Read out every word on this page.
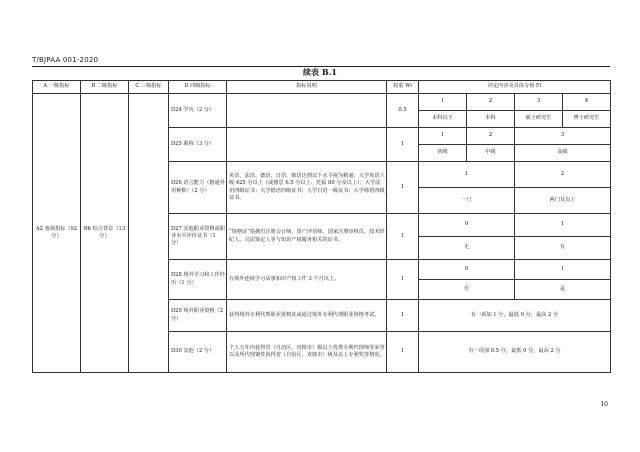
T/BJPAA 001-2020
续表 B.1
A 一级指标	B 二级指标	C 三级指标	D 四级指标	指标说明	权重 Wi	评定内容及具体分值 Fi			
A2 客观指标（92 分）	B6 综合背景（13 分）		D24 学历（2 分）		0.5	1	2	3	4
						本科以下	本科	硕士研究生	博士研究生
			D25 职称（3 分）		1	1	2	3	
						初级	中级	高级	
			D26 语言能力（精通外语种数）（2 分）	英语、法语、德语、日语、韩语达到以下水平视为精通：大学英语六级 425 分以上（或雅思 6.5 分以上、托福 80 分及以上）；大学法语四级证书；大学德语四级证书；大学日语一级证书；大学韩语四级证书。	1	1		2	
						一门		两门及以上	
			D27 其他职业资格或职业水平评价证书（1 分）	“资格证”指拥有注册会计师、资产评估师、国家注册审核员、技术经纪人、司法鉴定人等与知识产权服务相关的证书。	1	0		1	
						无		有	
			D28 境外学习和工作经历（1 分）	在境外连续学习从事知识产权工作 3 个月以上。	1	0		1	
						否		是	
			D29 境外职业资格（2 分）	获得境外专利代理职业资格证或通过境外专利代理职业资格考试。	1	有一项加 1 分，最低 0 分，最高 2 分			
			D30 其他（2 分）	个人五年内获得省（自治区、直辖市）级以上优秀专利代理师等荣誉以及所代理案件获得省（自治区、直辖市）级及以上专利奖等情况。	1	有一项加 0.5 分，最低 0 分，最高 2 分			
10
